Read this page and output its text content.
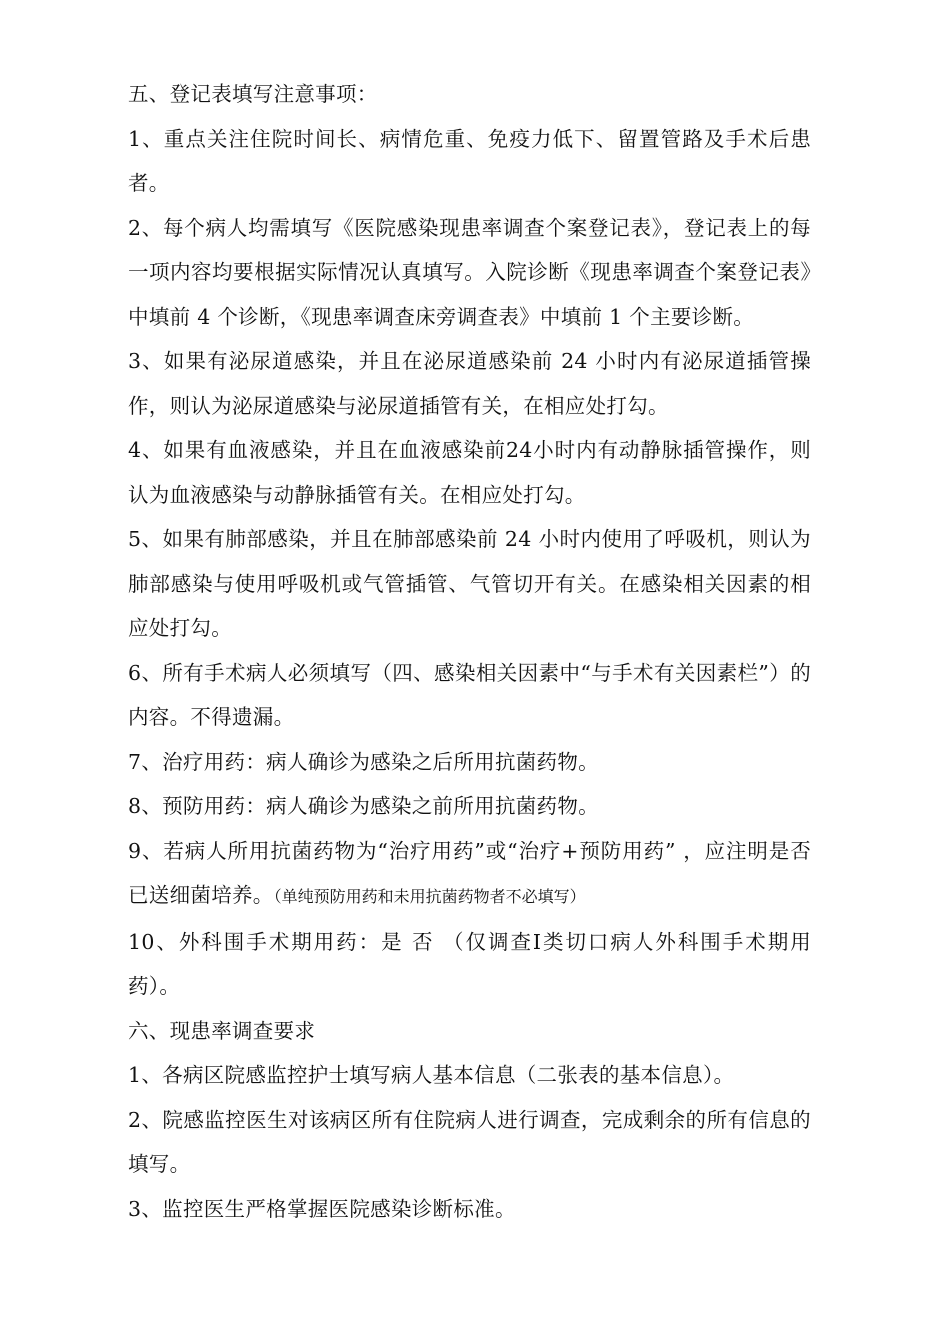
五、登记表填写注意事项：

1、重点关注住院时间长、病情危重、免疫力低下、留置管路及手术后患者。

2、每个病人均需填写《医院感染现患率调查个案登记表》，登记表上的每一项内容均要根据实际情况认真填写。入院诊断《现患率调查个案登记表》中填前 4 个诊断，《现患率调查床旁调查表》中填前 1 个主要诊断。

3、如果有泌尿道感染，并且在泌尿道感染前 24 小时内有泌尿道插管操作，则认为泌尿道感染与泌尿道插管有关，在相应处打勾。

4、如果有血液感染，并且在血液感染前24小时内有动静脉插管操作，则认为血液感染与动静脉插管有关。在相应处打勾。

5、如果有肺部感染，并且在肺部感染前 24 小时内使用了呼吸机，则认为肺部感染与使用呼吸机或气管插管、气管切开有关。在感染相关因素的相应处打勾。

6、所有手术病人必须填写（四、感染相关因素中“与手术有关因素栏”）的内容。不得遗漏。

7、治疗用药：病人确诊为感染之后所用抗菌药物。

8、预防用药：病人确诊为感染之前所用抗菌药物。

9、若病人所用抗菌药物为“治疗用药”或“治疗+预防用药” ，应注明是否已送细菌培养。（单纯预防用药和未用抗菌药物者不必填写）

10、外科围手术期用药：是 否 （仅调查Ⅰ类切口病人外科围手术期用药）。

六、现患率调查要求

1、各病区院感监控护士填写病人基本信息（二张表的基本信息）。

2、院感监控医生对该病区所有住院病人进行调查，完成剩余的所有信息的填写。

3、监控医生严格掌握医院感染诊断标准。
